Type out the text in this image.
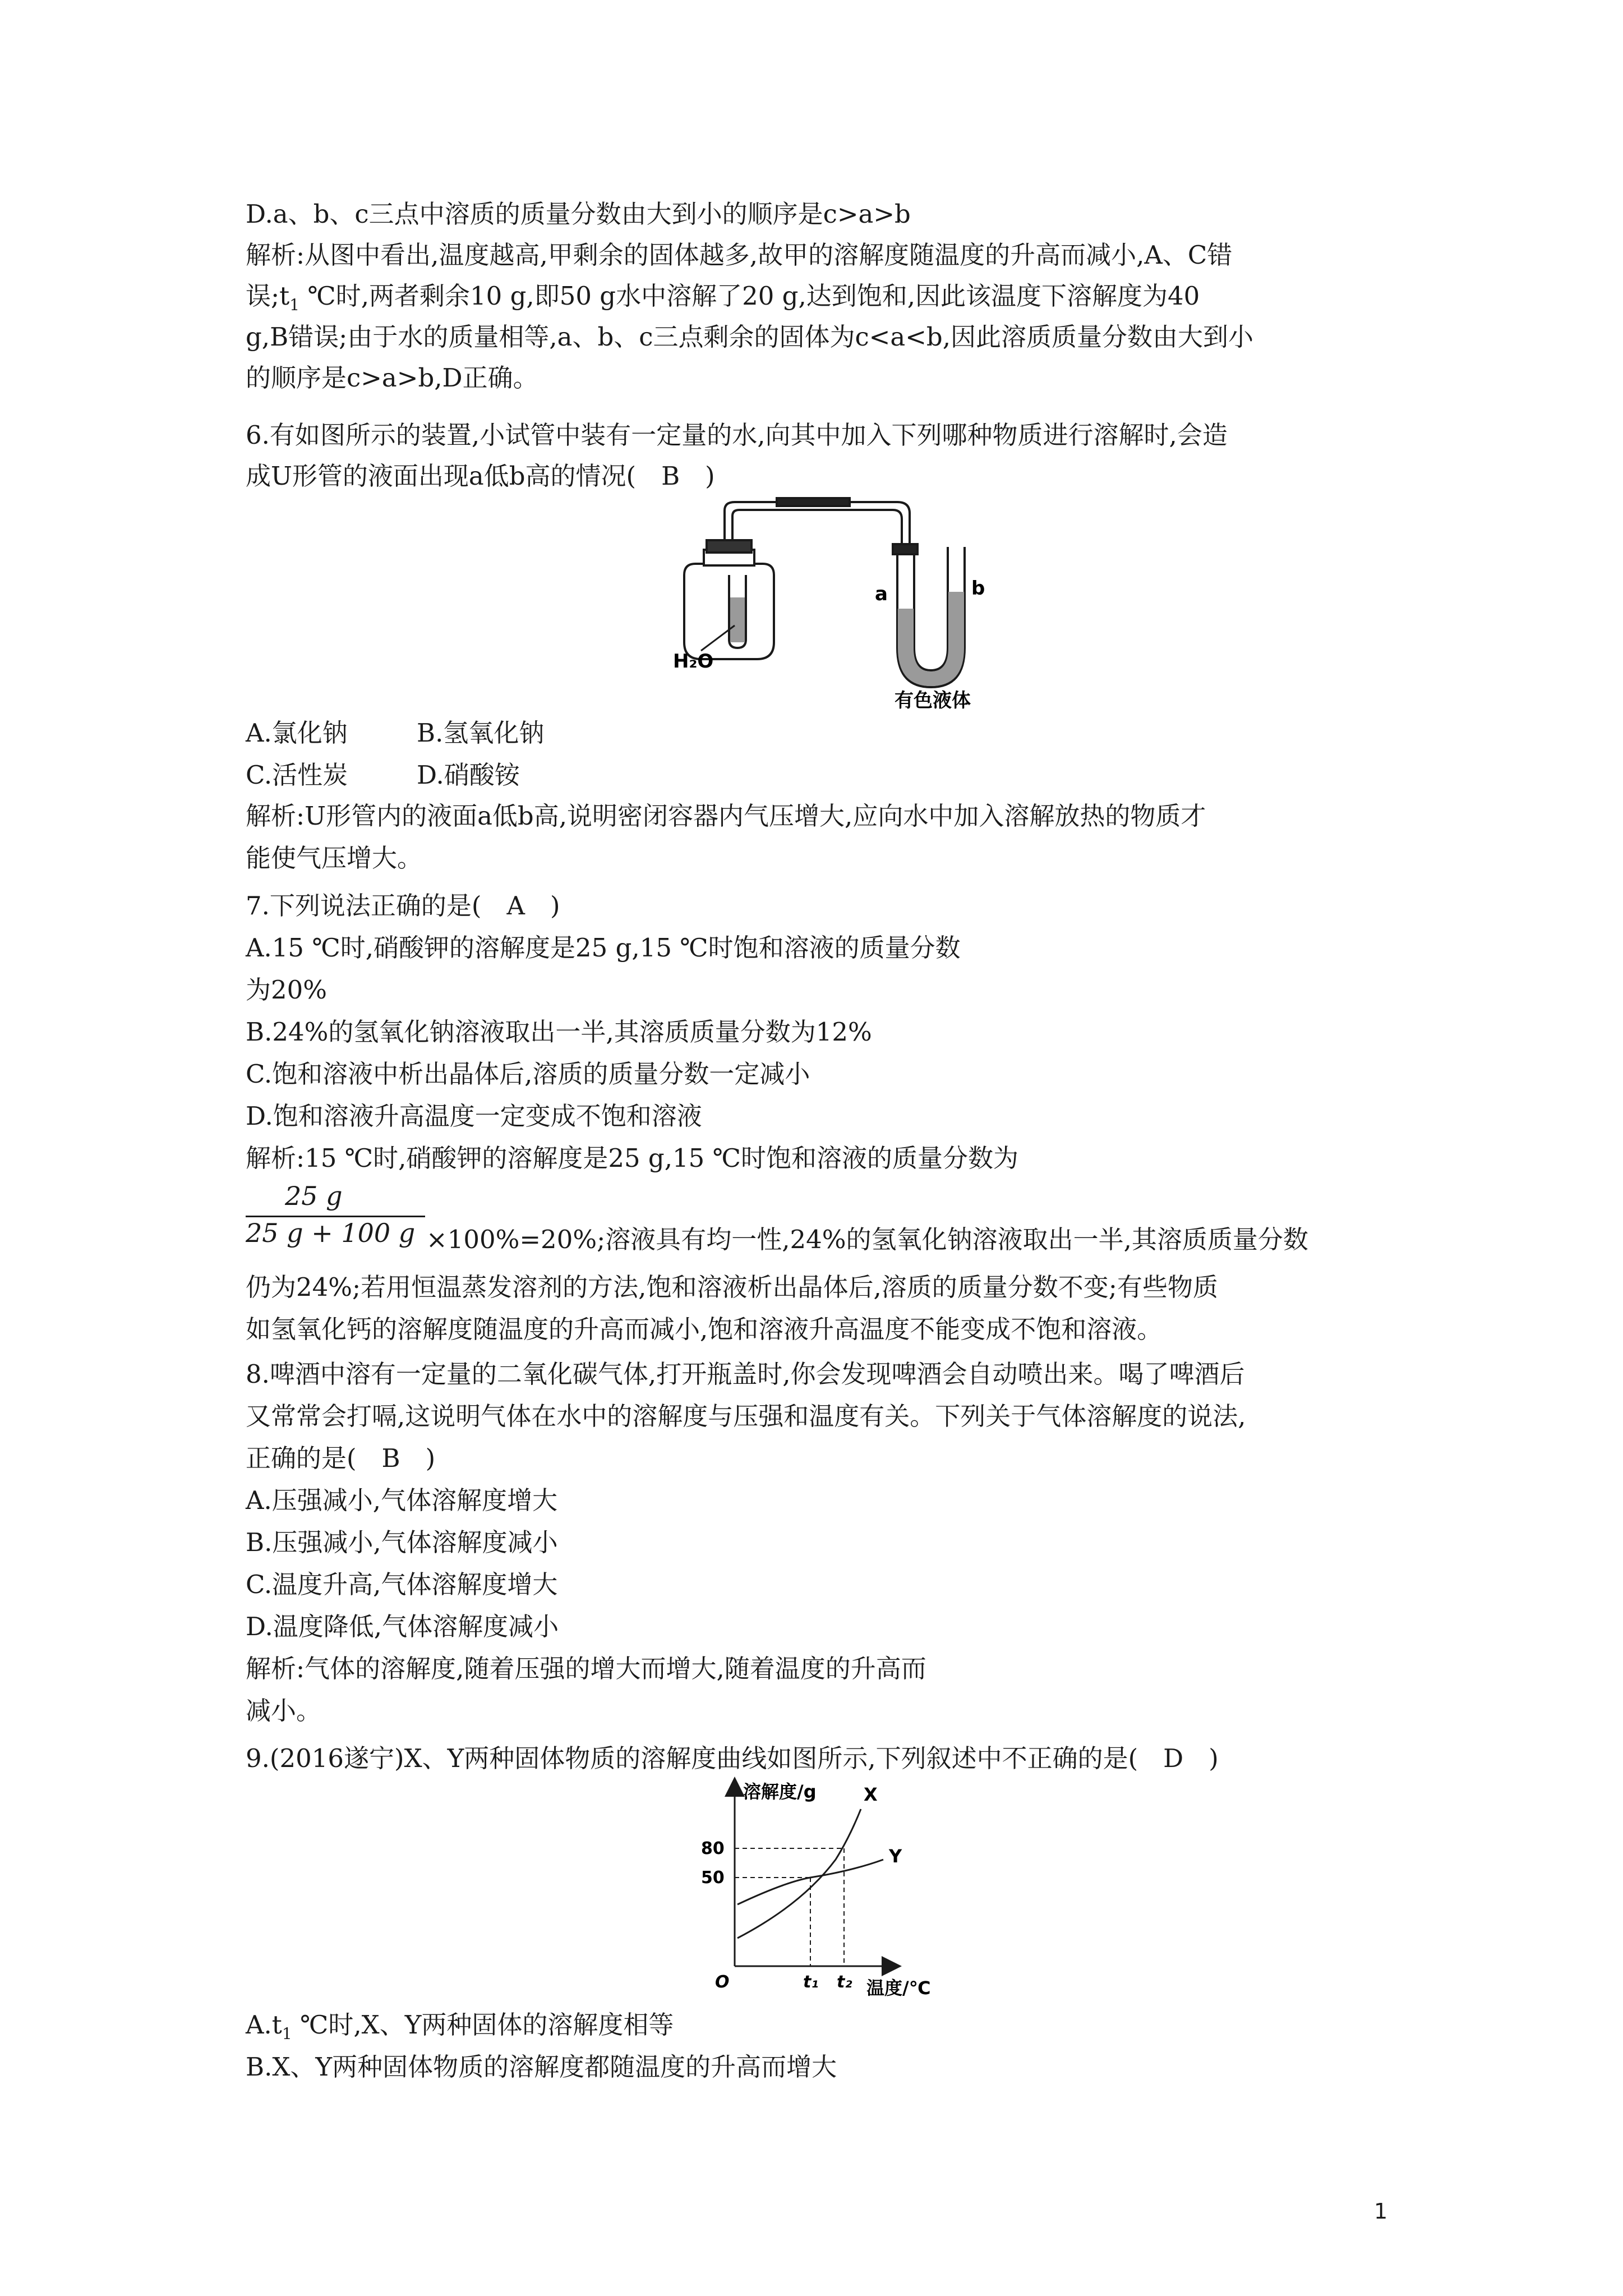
D.a、b、c三点中溶质的质量分数由大到小的顺序是c>a>b
解析:从图中看出,温度越高,甲剩余的固体越多,故甲的溶解度随温度的升高而减小,A、C错
误$;t_1$ ℃时,两者剩余10 g,即50 g水中溶解了20 g,达到饱和,因此该温度下溶解度为40
g,B错误;由于水的质量相等,a、b、c三点剩余的固体为c<a<b,因此溶质质量分数由大到小
的顺序是c>a>b,D正确。
6.有如图所示的装置,小试管中装有一定量的水,向其中加入下列哪种物质进行溶解时,会造
成U形管的液面出现a低b高的情况(　B　)
H₂O
a	b
有色液体
A.氯化钠	B.氢氧化钠
C.活性炭	D.硝酸铵
解析:U形管内的液面a低b高,说明密闭容器内气压增大,应向水中加入溶解放热的物质才
能使气压增大。
7.下列说法正确的是(　A　)
A.15 ℃时,硝酸钾的溶解度是25 g,15 ℃时饱和溶液的质量分数
为20%
B.24%的氢氧化钠溶液取出一半,其溶质质量分数为12%
C.饱和溶液中析出晶体后,溶质的质量分数一定减小
D.饱和溶液升高温度一定变成不饱和溶液
解析:15 ℃时,硝酸钾的溶解度是25 g,15 ℃时饱和溶液的质量分数为
25 g
25 g + 100 g ×100%=20%;溶液具有均一性,24%的氢氧化钠溶液取出一半,其溶质质量分数
仍为24%;若用恒温蒸发溶剂的方法,饱和溶液析出晶体后,溶质的质量分数不变;有些物质
如氢氧化钙的溶解度随温度的升高而减小,饱和溶液升高温度不能变成不饱和溶液。
8.啤酒中溶有一定量的二氧化碳气体,打开瓶盖时,你会发现啤酒会自动喷出来。喝了啤酒后
又常常会打嗝,这说明气体在水中的溶解度与压强和温度有关。下列关于气体溶解度的说法,
正确的是(　B　)
A.压强减小,气体溶解度增大
B.压强减小,气体溶解度减小
C.温度升高,气体溶解度增大
D.温度降低,气体溶解度减小
解析:气体的溶解度,随着压强的增大而增大,随着温度的升高而
减小。
9.(2016遂宁)X、Y两种固体物质的溶解度曲线如图所示,下列叙述中不正确的是(　D　)
溶解度/g	X
Y
80
50
O	t₁ t₂ 温度/℃
$A.t_1$ ℃时,X、Y两种固体的溶解度相等
B.X、Y两种固体物质的溶解度都随温度的升高而增大
1
